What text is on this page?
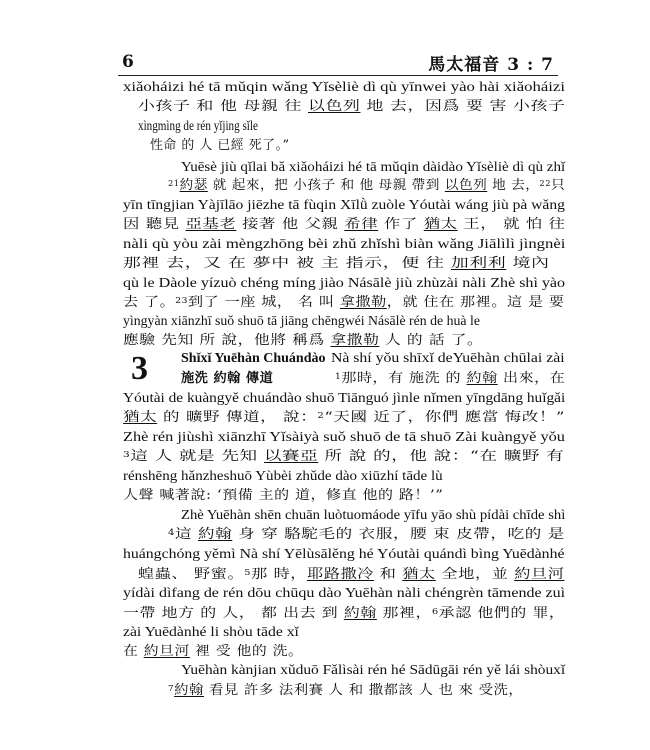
6	馬太福音 3 : 7
3 Shǐxǐ Yuēhàn Chuándào
施洗 約翰 傳道
xiǎoháizi hé tā mǔqin wǎng Yǐsèliè dì qù yīnwei yào hài xiǎoháizi
小孩子 和 他 母親 往 以色列 地 去，因爲 要 害 小孩子
xìngmìng de rén yǐjing sǐle
性命 的 人 已經 死了。”
Yuēsè jiù qǐlai bǎ xiǎoháizi hé tā mǔqin dàidào Yǐsèliè dì qù zhǐ
$^{21}$約瑟 就 起來，把 小孩子 和 他 母親 帶到 以色列 地 去，$^{22}$只
yīn tīngjian Yàjīlāo jiēzhe tā fùqin Xīlǜ zuòle Yóutài wáng jiù pà wǎng
因 聽見 亞基老 接著 他 父親 希律 作了 猶太 王， 就 怕 往
nàli qù yòu zài mèngzhōng bèi zhǔ zhǐshì biàn wǎng Jiālìlì jìngnèi
那裡 去，又 在 夢中 被 主 指示，便 往 加利利 境內
qù le Dàole yízuò chéng míng jiào Násālè jiù zhùzài nàli Zhè shì yào
去 了。$^{23}$到了 一座 城， 名 叫 拿撒勒，就 住在 那裡。這 是 要
yìngyàn xiānzhī suǒ shuō tā jiāng chēngwéi Násālè rén de huà le
應驗 先知 所 說，他將 稱爲 拿撒勒 人 的 話 了。
Nà shí yǒu shīxǐ deYuēhàn chūlai zài
$^1$那時，有 施洗 的 約翰 出來，在
Yóutài de kuàngyě chuándào shuō Tiānguó jìnle nǐmen yīngdāng huǐgǎi
猶太 的 曠野 傳道， 說：$^2$“天國 近了，你們 應當 悔改！”
Zhè rén jiùshì xiānzhī Yǐsàiyà suǒ shuō de tā shuō Zài kuàngyě yǒu
$^3$這 人 就是 先知 以賽亞 所 說 的，他 說：“在 曠野 有
rénshēng hǎnzheshuō Yùbèi zhǔde dào xiūzhí tāde lù
人聲 喊著說: ‘預備 主的 道，修直 他的 路！’”
Zhè Yuēhàn shēn chuān luòtuomáode yīfu yāo shù pídài chīde shì
$^4$這 約翰 身 穿 駱駝毛的 衣服，腰 束 皮帶，吃的 是
huángchóng yěmì Nà shí Yēlùsālěng hé Yóutài quándì bìng Yuēdànhé
蝗蟲、 野蜜。$^5$那 時，耶路撒冷 和 猶太 全地，並 約旦河
yídài dìfang de rén dōu chūqu dào Yuēhàn nàli chéngrèn tāmende zuì
一帶 地方 的 人， 都 出去 到 約翰 那裡，$^6$承認 他們的 罪，
zài Yuēdànhé li shòu tāde xǐ
在 約旦河 裡 受 他的 洗。
Yuēhàn kànjian xǔduō Fǎlìsài rén hé Sādūgāi rén yě lái shòuxǐ
$^7$約翰 看見 許多 法利賽 人 和 撒都該 人 也 來 受洗，
